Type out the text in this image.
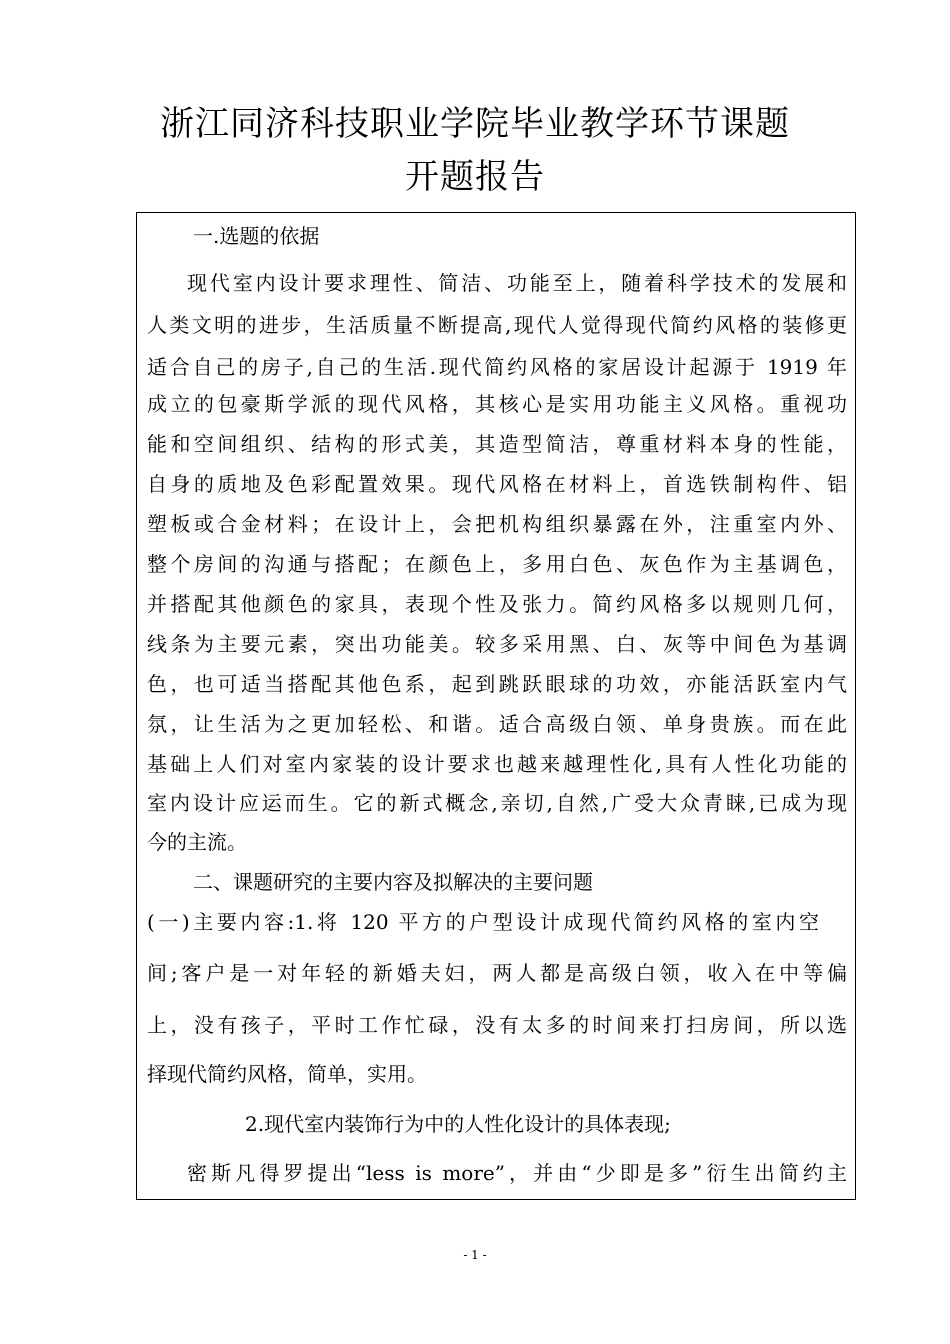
浙江同济科技职业学院毕业教学环节课题
开题报告
一.选题的依据
现代室内设计要求理性、简洁、功能至上，随着科学技术的发展和
人类文明的进步，生活质量不断提高,现代人觉得现代简约风格的装修更
适合自己的房子,自己的生活.现代简约风格的家居设计起源于 1919 年
成立的包豪斯学派的现代风格，其核心是实用功能主义风格。重视功
能和空间组织、结构的形式美，其造型简洁，尊重材料本身的性能，
自身的质地及色彩配置效果。现代风格在材料上，首选铁制构件、铝
塑板或合金材料；在设计上，会把机构组织暴露在外，注重室内外、
整个房间的沟通与搭配；在颜色上，多用白色、灰色作为主基调色，
并搭配其他颜色的家具，表现个性及张力。简约风格多以规则几何，
线条为主要元素，突出功能美。较多采用黑、白、灰等中间色为基调
色，也可适当搭配其他色系，起到跳跃眼球的功效，亦能活跃室内气
氛，让生活为之更加轻松、和谐。适合高级白领、单身贵族。而在此
基础上人们对室内家装的设计要求也越来越理性化,具有人性化功能的
室内设计应运而生。它的新式概念,亲切,自然,广受大众青睐,已成为现
今的主流。
二、课题研究的主要内容及拟解决的主要问题
(一)主要内容:1.将 120 平方的户型设计成现代简约风格的室内空
间;客户是一对年轻的新婚夫妇，两人都是高级白领，收入在中等偏
上，没有孩子，平时工作忙碌，没有太多的时间来打扫房间，所以选
择现代简约风格，简单，实用。
2.现代室内装饰行为中的人性化设计的具体表现;
密斯凡得罗提出“less is more”，并由“少即是多”衍生出简约主
- 1 -
